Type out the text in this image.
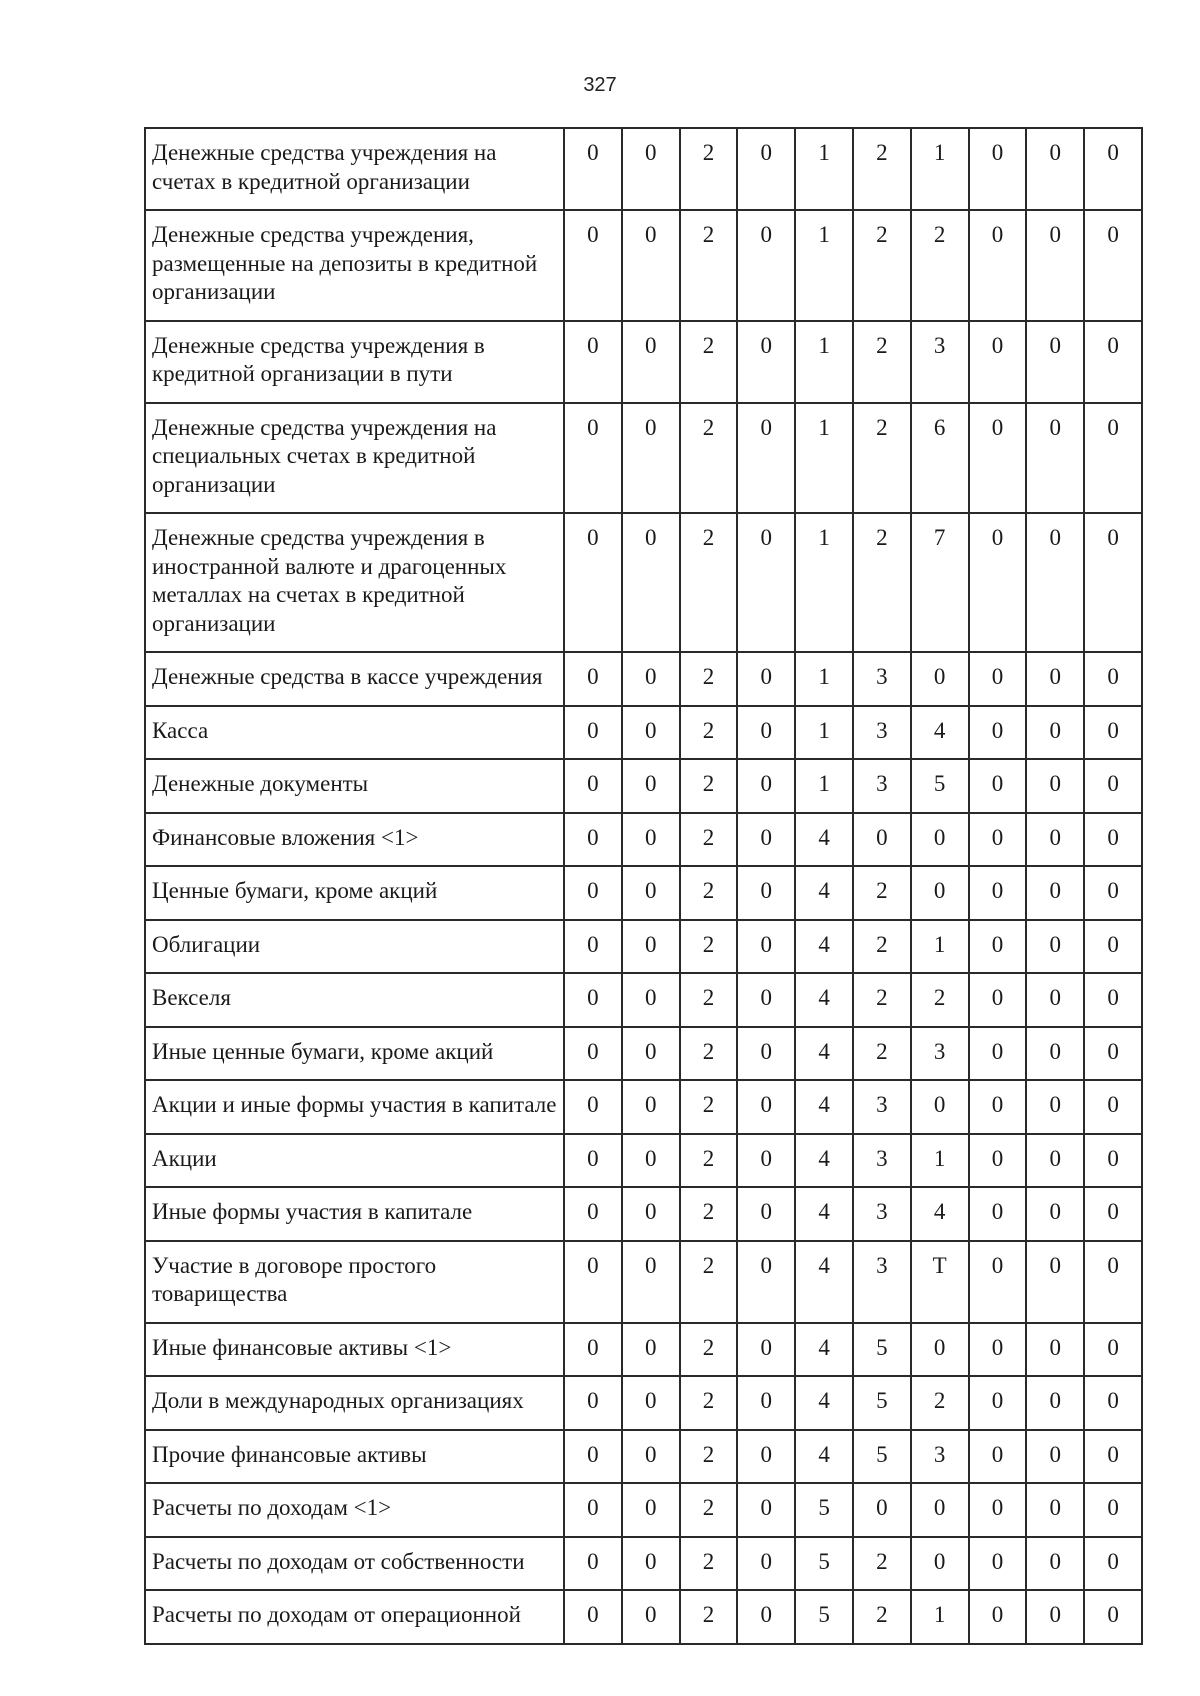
327
Денежные средства учреждения на счетах в кредитной организации	0	0	2	0	1	2	1	0	0	0
Денежные средства учреждения, размещенные на депозиты в кредитной организации	0	0	2	0	1	2	2	0	0	0
Денежные средства учреждения в кредитной организации в пути	0	0	2	0	1	2	3	0	0	0
Денежные средства учреждения на специальных счетах в кредитной организации	0	0	2	0	1	2	6	0	0	0
Денежные средства учреждения в иностранной валюте и драгоценных металлах на счетах в кредитной организации	0	0	2	0	1	2	7	0	0	0
Денежные средства в кассе учреждения	0	0	2	0	1	3	0	0	0	0
Касса	0	0	2	0	1	3	4	0	0	0
Денежные документы	0	0	2	0	1	3	5	0	0	0
Финансовые вложения <1>	0	0	2	0	4	0	0	0	0	0
Ценные бумаги, кроме акций	0	0	2	0	4	2	0	0	0	0
Облигации	0	0	2	0	4	2	1	0	0	0
Векселя	0	0	2	0	4	2	2	0	0	0
Иные ценные бумаги, кроме акций	0	0	2	0	4	2	3	0	0	0
Акции и иные формы участия в капитале	0	0	2	0	4	3	0	0	0	0
Акции	0	0	2	0	4	3	1	0	0	0
Иные формы участия в капитале	0	0	2	0	4	3	4	0	0	0
Участие в договоре простого товарищества	0	0	2	0	4	3	Т	0	0	0
Иные финансовые активы <1>	0	0	2	0	4	5	0	0	0	0
Доли в международных организациях	0	0	2	0	4	5	2	0	0	0
Прочие финансовые активы	0	0	2	0	4	5	3	0	0	0
Расчеты по доходам <1>	0	0	2	0	5	0	0	0	0	0
Расчеты по доходам от собственности	0	0	2	0	5	2	0	0	0	0
Расчеты по доходам от операционной	0	0	2	0	5	2	1	0	0	0
